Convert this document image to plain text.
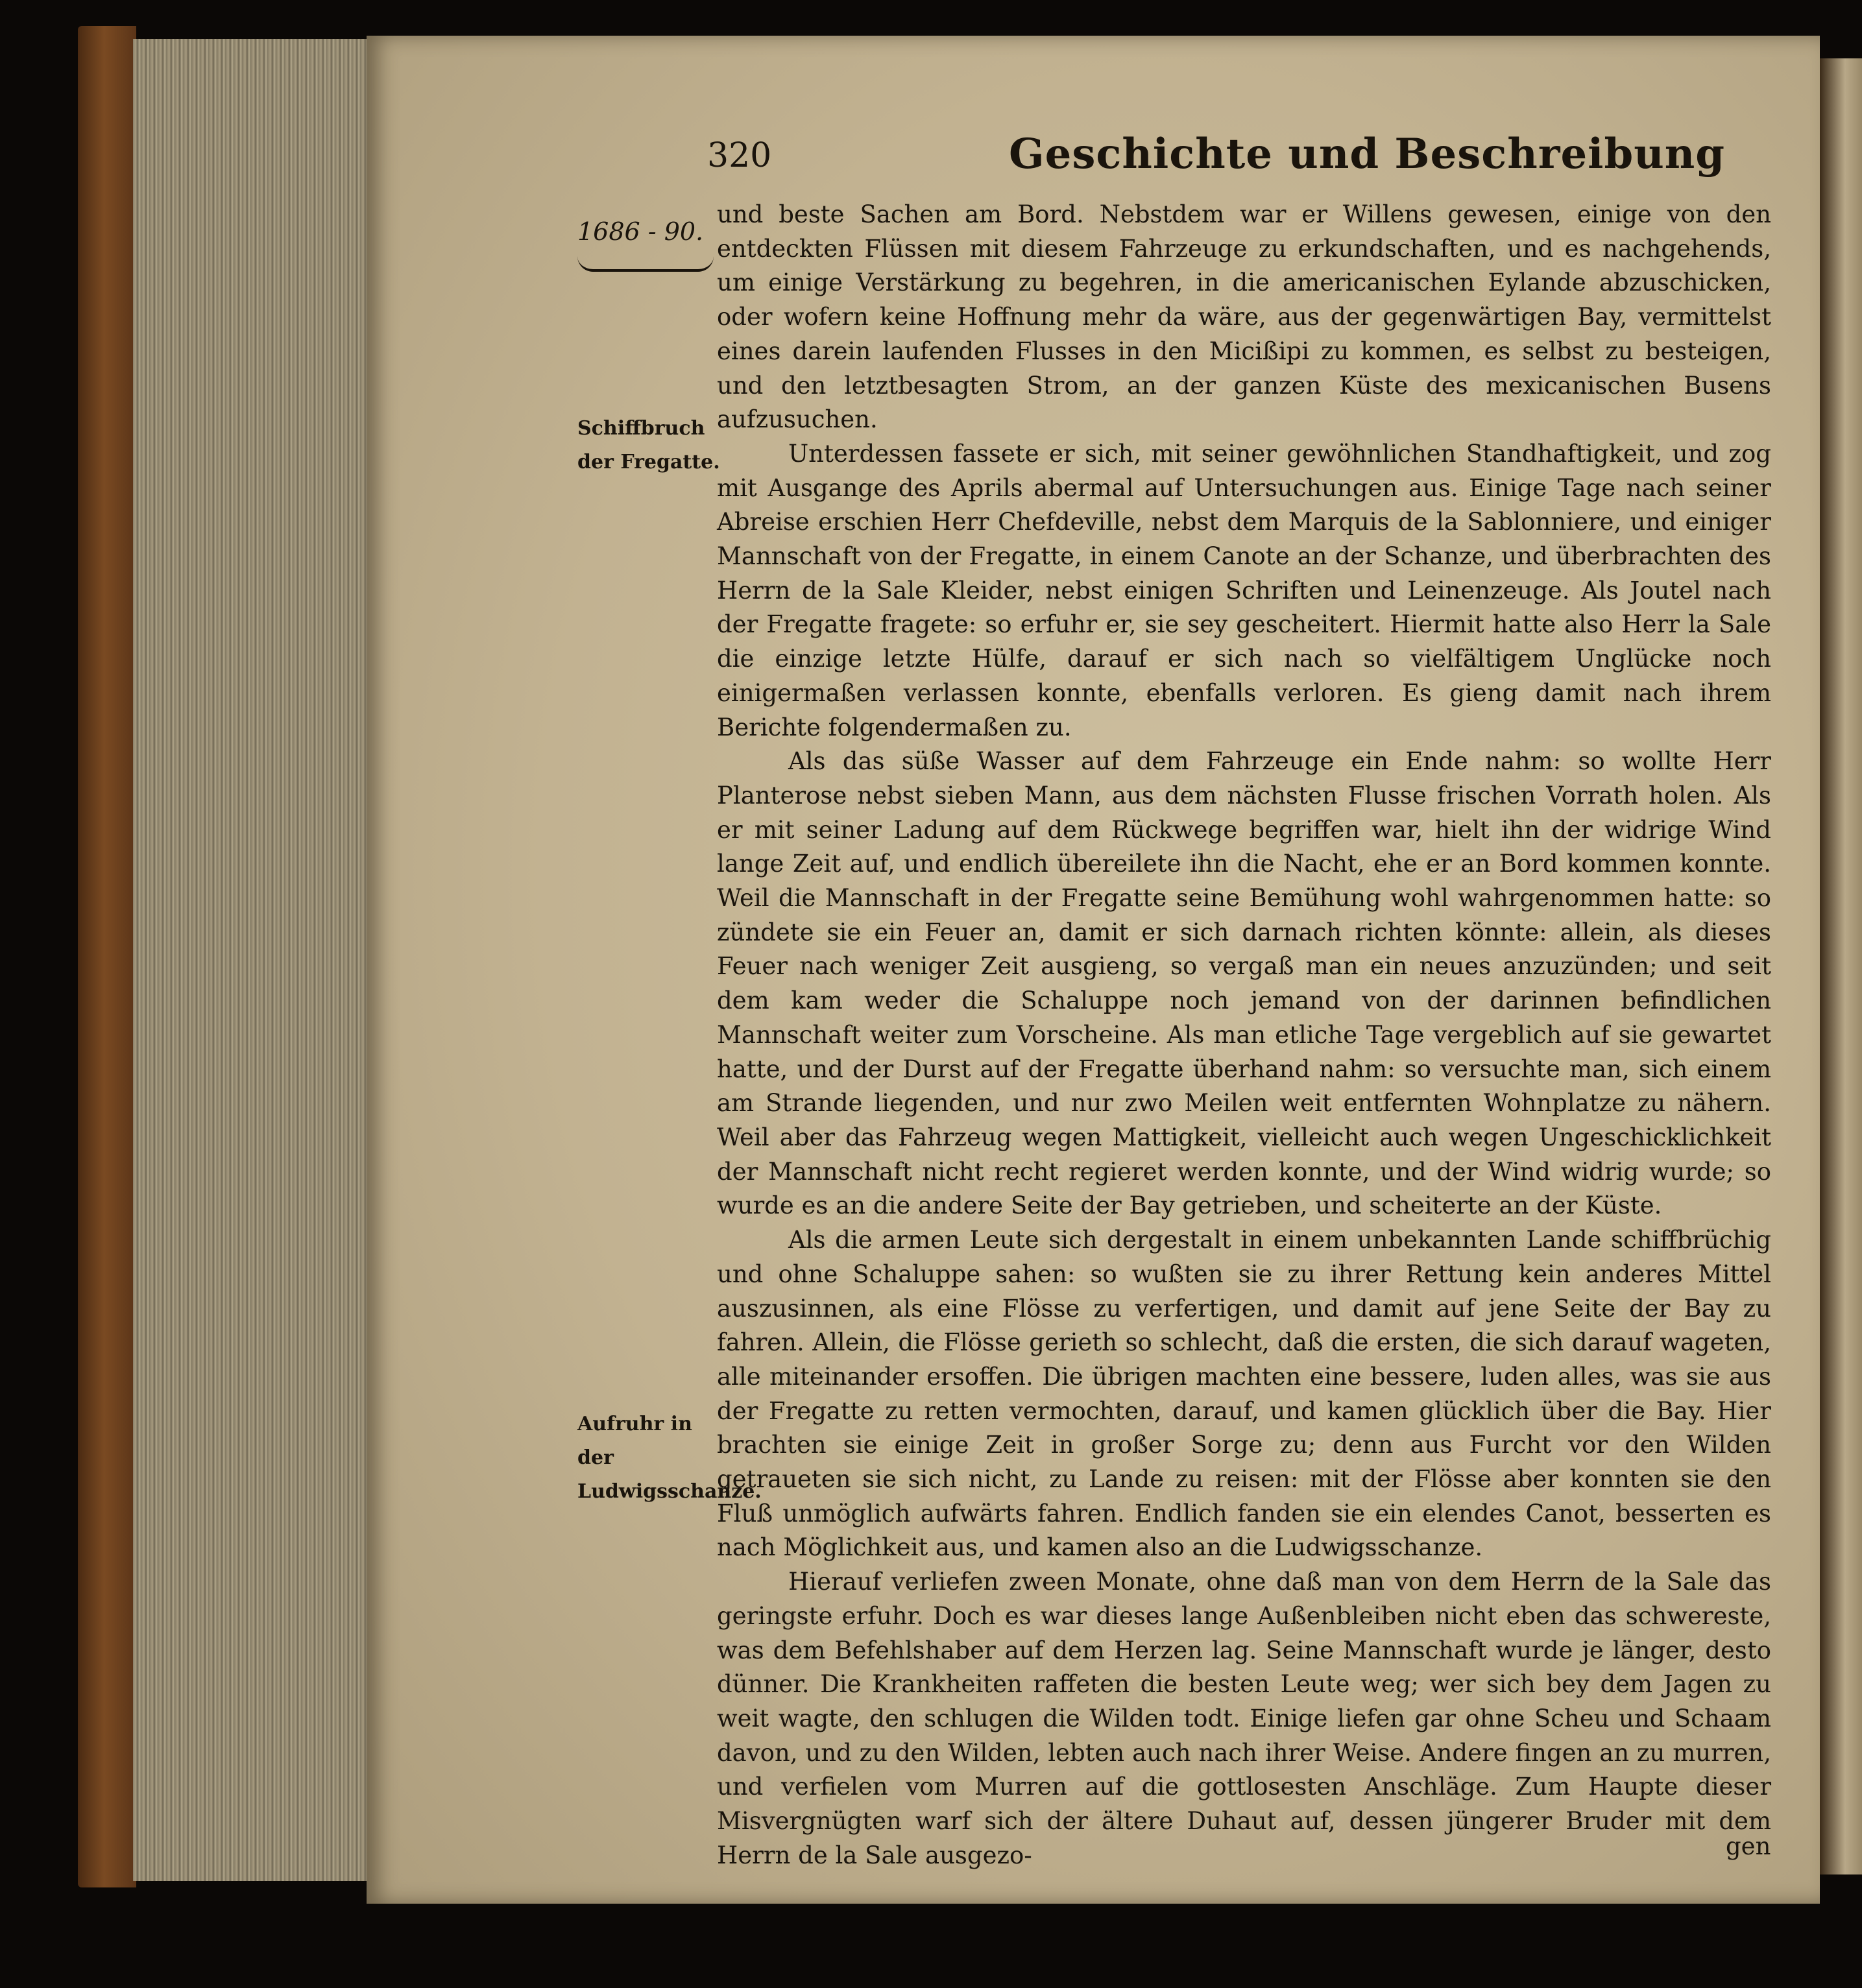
320	Geschichte und Beschreibung
1686 - 90.
Schiffbruch der Fregatte.
Aufruhr in der Ludwigsschanze.

und beste Sachen am Bord. Nebstdem war er Willens gewesen, einige von den entdeckten Flüssen mit diesem Fahrzeuge zu erkundschaften, und es nachgehends, um einige Verstärkung zu begehren, in die americanischen Eylande abzuschicken, oder wofern keine Hoffnung mehr da wäre, aus der gegenwärtigen Bay, vermittelst eines darein laufenden Flusses in den Micißipi zu kommen, es selbst zu besteigen, und den letztbesagten Strom, an der ganzen Küste des mexicanischen Busens aufzusuchen.

Unterdessen fassete er sich, mit seiner gewöhnlichen Standhaftigkeit, und zog mit Ausgange des Aprils abermal auf Untersuchungen aus. Einige Tage nach seiner Abreise erschien Herr Chefdeville, nebst dem Marquis de la Sablonniere, und einiger Mannschaft von der Fregatte, in einem Canote an der Schanze, und überbrachten des Herrn de la Sale Kleider, nebst einigen Schriften und Leinenzeuge. Als Joutel nach der Fregatte fragete: so erfuhr er, sie sey gescheitert. Hiermit hatte also Herr la Sale die einzige letzte Hülfe, darauf er sich nach so vielfältigem Unglücke noch einigermaßen verlassen konnte, ebenfalls verloren. Es gieng damit nach ihrem Berichte folgendermaßen zu.

Als das süße Wasser auf dem Fahrzeuge ein Ende nahm: so wollte Herr Planterose nebst sieben Mann, aus dem nächsten Flusse frischen Vorrath holen. Als er mit seiner Ladung auf dem Rückwege begriffen war, hielt ihn der widrige Wind lange Zeit auf, und endlich übereilete ihn die Nacht, ehe er an Bord kommen konnte. Weil die Mannschaft in der Fregatte seine Bemühung wohl wahrgenommen hatte: so zündete sie ein Feuer an, damit er sich darnach richten könnte: allein, als dieses Feuer nach weniger Zeit ausgieng, so vergaß man ein neues anzuzünden; und seit dem kam weder die Schaluppe noch jemand von der darinnen befindlichen Mannschaft weiter zum Vorscheine. Als man etliche Tage vergeblich auf sie gewartet hatte, und der Durst auf der Fregatte überhand nahm: so versuchte man, sich einem am Strande liegenden, und nur zwo Meilen weit entfernten Wohnplatze zu nähern. Weil aber das Fahrzeug wegen Mattigkeit, vielleicht auch wegen Ungeschicklichkeit der Mannschaft nicht recht regieret werden konnte, und der Wind widrig wurde; so wurde es an die andere Seite der Bay getrieben, und scheiterte an der Küste.

Als die armen Leute sich dergestalt in einem unbekannten Lande schiffbrüchig und ohne Schaluppe sahen: so wußten sie zu ihrer Rettung kein anderes Mittel auszusinnen, als eine Flösse zu verfertigen, und damit auf jene Seite der Bay zu fahren. Allein, die Flösse gerieth so schlecht, daß die ersten, die sich darauf wageten, alle miteinander ersoffen. Die übrigen machten eine bessere, luden alles, was sie aus der Fregatte zu retten vermochten, darauf, und kamen glücklich über die Bay. Hier brachten sie einige Zeit in großer Sorge zu; denn aus Furcht vor den Wilden getraueten sie sich nicht, zu Lande zu reisen: mit der Flösse aber konnten sie den Fluß unmöglich aufwärts fahren. Endlich fanden sie ein elendes Canot, besserten es nach Möglichkeit aus, und kamen also an die Ludwigsschanze.

Hierauf verliefen zween Monate, ohne daß man von dem Herrn de la Sale das geringste erfuhr. Doch es war dieses lange Außenbleiben nicht eben das schwereste, was dem Befehlshaber auf dem Herzen lag. Seine Mannschaft wurde je länger, desto dünner. Die Krankheiten raffeten die besten Leute weg; wer sich bey dem Jagen zu weit wagte, den schlugen die Wilden todt. Einige liefen gar ohne Scheu und Schaam davon, und zu den Wilden, lebten auch nach ihrer Weise. Andere fingen an zu murren, und verfielen vom Murren auf die gottlosesten Anschläge. Zum Haupte dieser Misvergnügten warf sich der ältere Duhaut auf, dessen jüngerer Bruder mit dem Herrn de la Sale ausgezo-	gen
